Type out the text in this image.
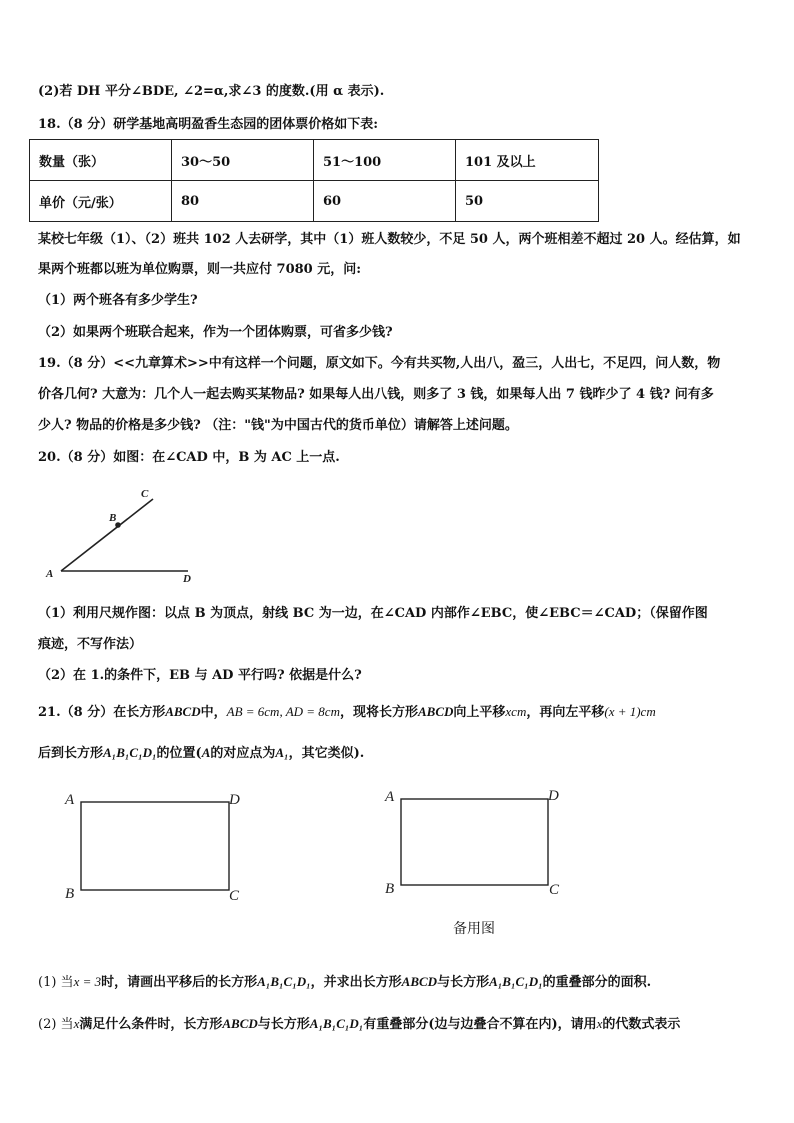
(2)若 DH 平分∠BDE, ∠2=α,求∠3 的度数.(用 α 表示).
18.（8 分）研学基地高明盈香生态园的团体票价格如下表:
数量（张）	30～50	51～100	101 及以上
单价（元/张）	80	60	50
某校七年级（1）、（2）班共 102 人去研学，其中（1）班人数较少，不足 50 人，两个班相差不超过 20 人。经估算，如
果两个班都以班为单位购票，则一共应付 7080 元，问:
（1）两个班各有多少学生?
（2）如果两个班联合起来，作为一个团体购票，可省多少钱?
19.（8 分）<<九章算术>>中有这样一个问题，原文如下。今有共买物,人出八，盈三，人出七，不足四，问人数，物
价各几何? 大意为：几个人一起去购买某物品? 如果每人出八钱，则多了 3 钱，如果每人出 7 钱昨少了 4 钱? 问有多
少人? 物品的价格是多少钱? （注："钱"为中国古代的货币单位）请解答上述问题。
20.（8 分）如图：在∠CAD 中，B 为 AC 上一点.
C
B
A	D
（1）利用尺规作图：以点 B 为顶点，射线 BC 为一边，在∠CAD 内部作∠EBC，使∠EBC＝∠CAD；（保留作图
痕迹，不写作法）
（2）在 1.的条件下，EB 与 AD 平行吗? 依据是什么?
21.（8 分）在长方形ABCD中，AB = 6cm, AD = 8cm，现将长方形ABCD向上平移xcm，再向左平移(x + 1)cm
后到长方形A₁B₁C₁D₁的位置(A的对应点为A₁，其它类似).
A	D
B	C
A	D
B	C
备用图
(1) 当x = 3时，请画出平移后的长方形A₁B₁C₁D₁，并求出长方形ABCD与长方形A₁B₁C₁D₁的重叠部分的面积.
(2) 当x满足什么条件时，长方形ABCD与长方形A₁B₁C₁D₁有重叠部分(边与边叠合不算在内)，请用x的代数式表示
